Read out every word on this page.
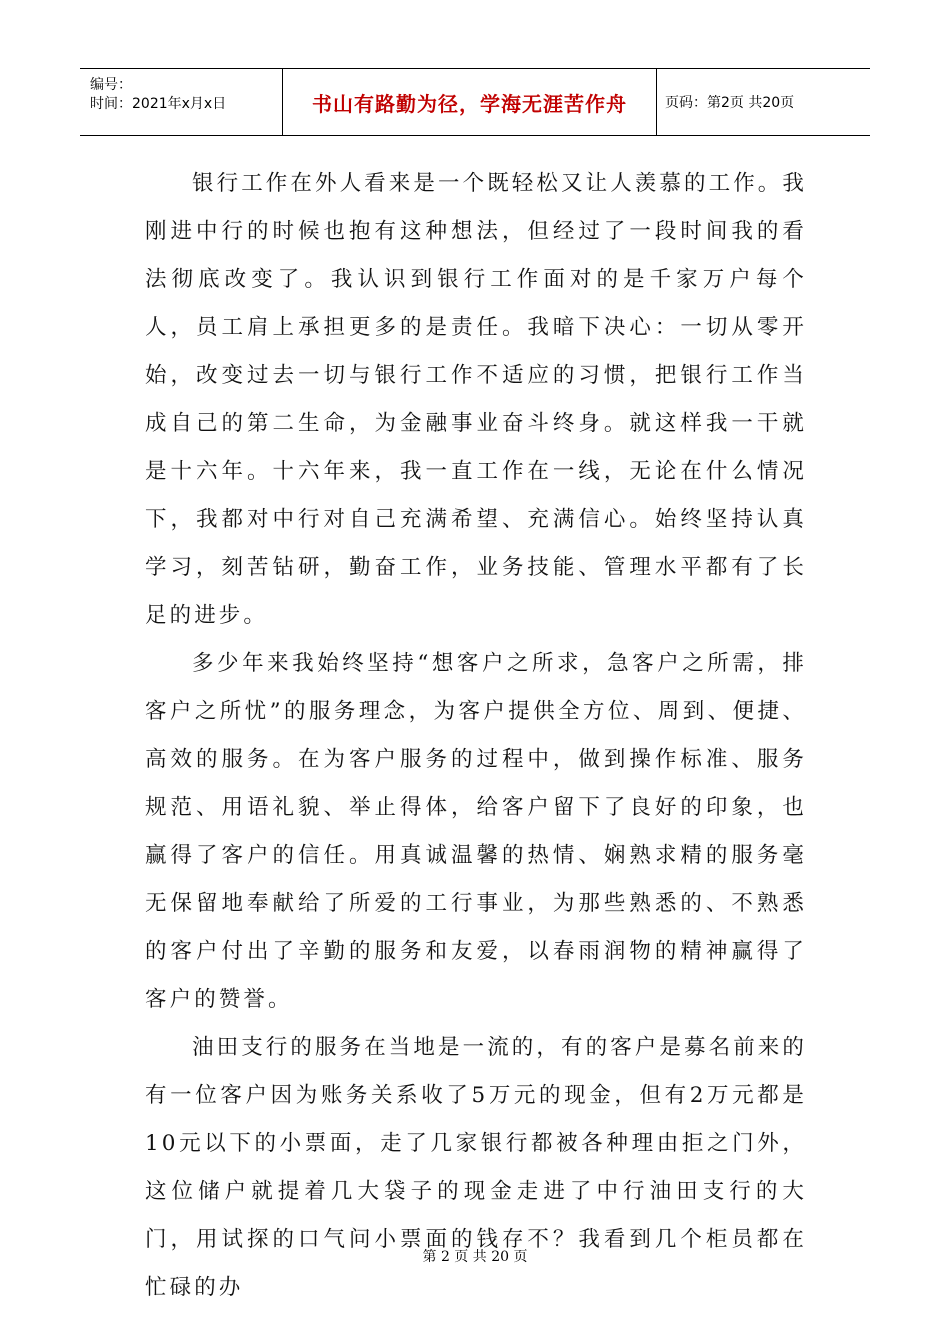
编号：
时间：2021年x月x日	书山有路勤为径，学海无涯苦作舟	页码：第2页 共20页

银行工作在外人看来是一个既轻松又让人羡慕的工作。我刚进中行的时候也抱有这种想法，但经过了一段时间我的看法彻底改变了。我认识到银行工作面对的是千家万户每个人，员工肩上承担更多的是责任。我暗下决心：一切从零开始，改变过去一切与银行工作不适应的习惯，把银行工作当成自己的第二生命，为金融事业奋斗终身。就这样我一干就是十六年。十六年来，我一直工作在一线，无论在什么情况下，我都对中行对自己充满希望、充满信心。始终坚持认真学习，刻苦钻研，勤奋工作，业务技能、管理水平都有了长足的进步。

多少年来我始终坚持“想客户之所求，急客户之所需，排客户之所忧”的服务理念，为客户提供全方位、周到、便捷、高效的服务。在为客户服务的过程中，做到操作标准、服务规范、用语礼貌、举止得体，给客户留下了良好的印象，也赢得了客户的信任。用真诚温馨的热情、娴熟求精的服务毫无保留地奉献给了所爱的工行事业，为那些熟悉的、不熟悉的客户付出了辛勤的服务和友爱，以春雨润物的精神赢得了客户的赞誉。

油田支行的服务在当地是一流的，有的客户是募名前来的有一位客户因为账务关系收了5万元的现金，但有2万元都是10元以下的小票面，走了几家银行都被各种理由拒之门外，这位储户就提着几大袋子的现金走进了中行油田支行的大门，用试探的口气问小票面的钱存不？我看到几个柜员都在忙碌的办

第 2 页 共 20 页
